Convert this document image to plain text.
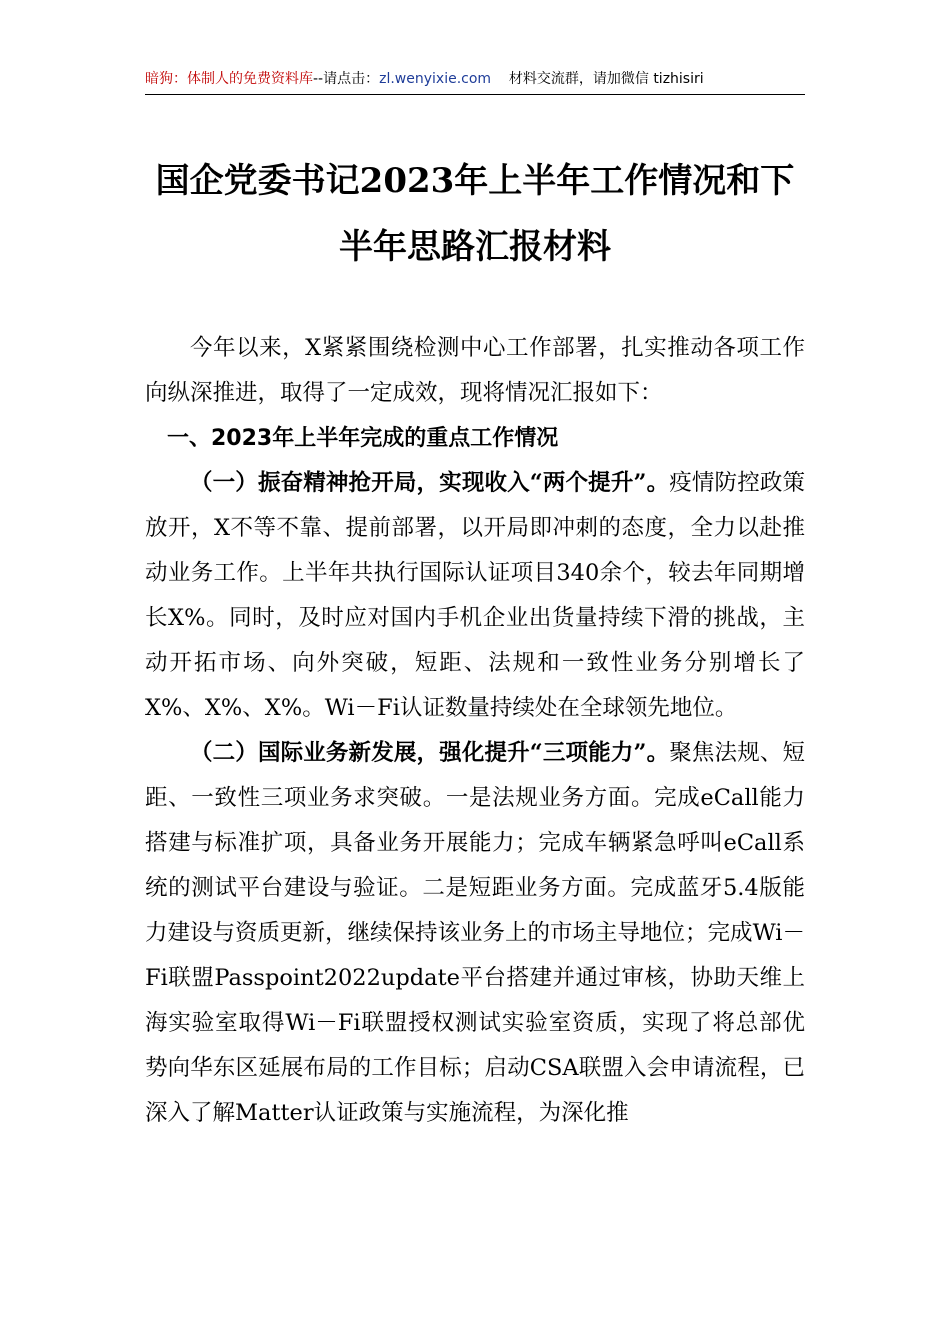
暗狗：体制人的免费资料库--请点击：zl.wenyixie.com    材料交流群，请加微信 tizhisiri
国企党委书记2023年上半年工作情况和下半年思路汇报材料

今年以来，X紧紧围绕检测中心工作部署，扎实推动各项工作向纵深推进，取得了一定成效，现将情况汇报如下：

一、2023年上半年完成的重点工作情况

（一）振奋精神抢开局，实现收入“两个提升”。疫情防控政策放开，X不等不靠、提前部署，以开局即冲刺的态度，全力以赴推动业务工作。上半年共执行国际认证项目340余个，较去年同期增长X%。同时，及时应对国内手机企业出货量持续下滑的挑战，主动开拓市场、向外突破，短距、法规和一致性业务分别增长了X%、X%、X%。Wi－Fi认证数量持续处在全球领先地位。

（二）国际业务新发展，强化提升“三项能力”。聚焦法规、短距、一致性三项业务求突破。一是法规业务方面。完成eCall能力搭建与标准扩项，具备业务开展能力；完成车辆紧急呼叫eCall系统的测试平台建设与验证。二是短距业务方面。完成蓝牙5.4版能力建设与资质更新，继续保持该业务上的市场主导地位；完成Wi－Fi联盟Passpoint2022update平台搭建并通过审核，协助天维上海实验室取得Wi－Fi联盟授权测试实验室资质，实现了将总部优势向华东区延展布局的工作目标；启动CSA联盟入会申请流程，已深入了解Matter认证政策与实施流程，为深化推
